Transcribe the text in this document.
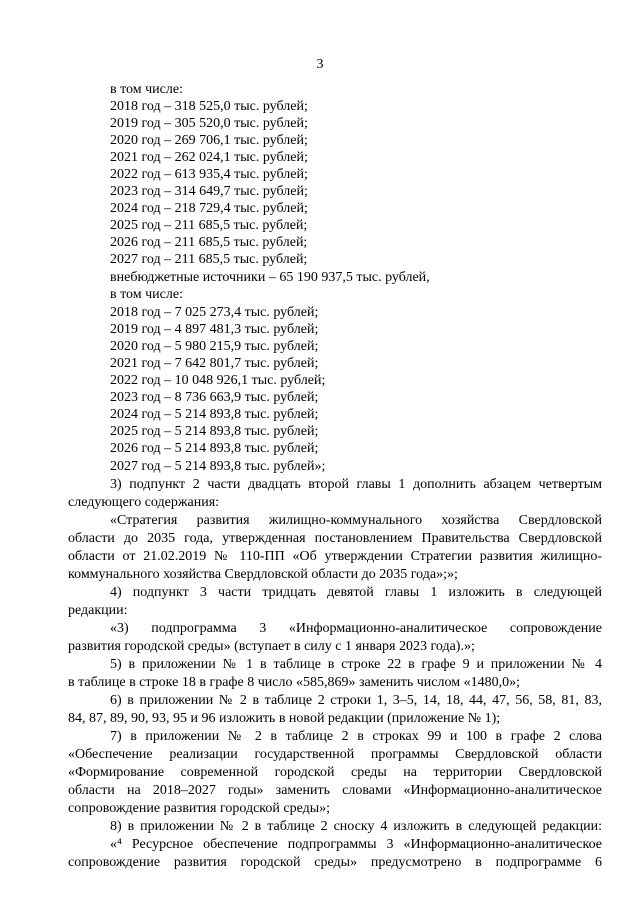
3
в том числе:
2018 год – 318 525,0 тыс. рублей;
2019 год – 305 520,0 тыс. рублей;
2020 год – 269 706,1 тыс. рублей;
2021 год – 262 024,1 тыс. рублей;
2022 год – 613 935,4 тыс. рублей;
2023 год – 314 649,7 тыс. рублей;
2024 год – 218 729,4 тыс. рублей;
2025 год – 211 685,5 тыс. рублей;
2026 год – 211 685,5 тыс. рублей;
2027 год – 211 685,5 тыс. рублей;
внебюджетные источники – 65 190 937,5 тыс. рублей,
в том числе:
2018 год – 7 025 273,4 тыс. рублей;
2019 год – 4 897 481,3 тыс. рублей;
2020 год – 5 980 215,9 тыс. рублей;
2021 год – 7 642 801,7 тыс. рублей;
2022 год – 10 048 926,1 тыс. рублей;
2023 год – 8 736 663,9 тыс. рублей;
2024 год – 5 214 893,8 тыс. рублей;
2025 год – 5 214 893,8 тыс. рублей;
2026 год – 5 214 893,8 тыс. рублей;
2027 год – 5 214 893,8 тыс. рублей»;
3) подпункт 2 части двадцать второй главы 1 дополнить абзацем четвертым
следующего содержания:
«Стратегия развития жилищно-коммунального хозяйства Свердловской
области до 2035 года, утвержденная постановлением Правительства Свердловской
области от 21.02.2019 № 110-ПП «Об утверждении Стратегии развития жилищно-
коммунального хозяйства Свердловской области до 2035 года»;»;
4) подпункт 3 части тридцать девятой главы 1 изложить в следующей
редакции:
«3) подпрограмма 3 «Информационно-аналитическое сопровождение
развития городской среды» (вступает в силу с 1 января 2023 года).»;
5) в приложении № 1 в таблице в строке 22 в графе 9 и приложении № 4
в таблице в строке 18 в графе 8 число «585,869» заменить числом «1480,0»;
6) в приложении № 2 в таблице 2 строки 1, 3–5, 14, 18, 44, 47, 56, 58, 81, 83,
84, 87, 89, 90, 93, 95 и 96 изложить в новой редакции (приложение № 1);
7) в приложении № 2 в таблице 2 в строках 99 и 100 в графе 2 слова
«Обеспечение реализации государственной программы Свердловской области
«Формирование современной городской среды на территории Свердловской
области на 2018–2027 годы» заменить словами «Информационно-аналитическое
сопровождение развития городской среды»;
8) в приложении № 2 в таблице 2 сноску 4 изложить в следующей редакции:
«⁴ Ресурсное обеспечение подпрограммы 3 «Информационно-аналитическое
сопровождение развития городской среды» предусмотрено в подпрограмме 6
